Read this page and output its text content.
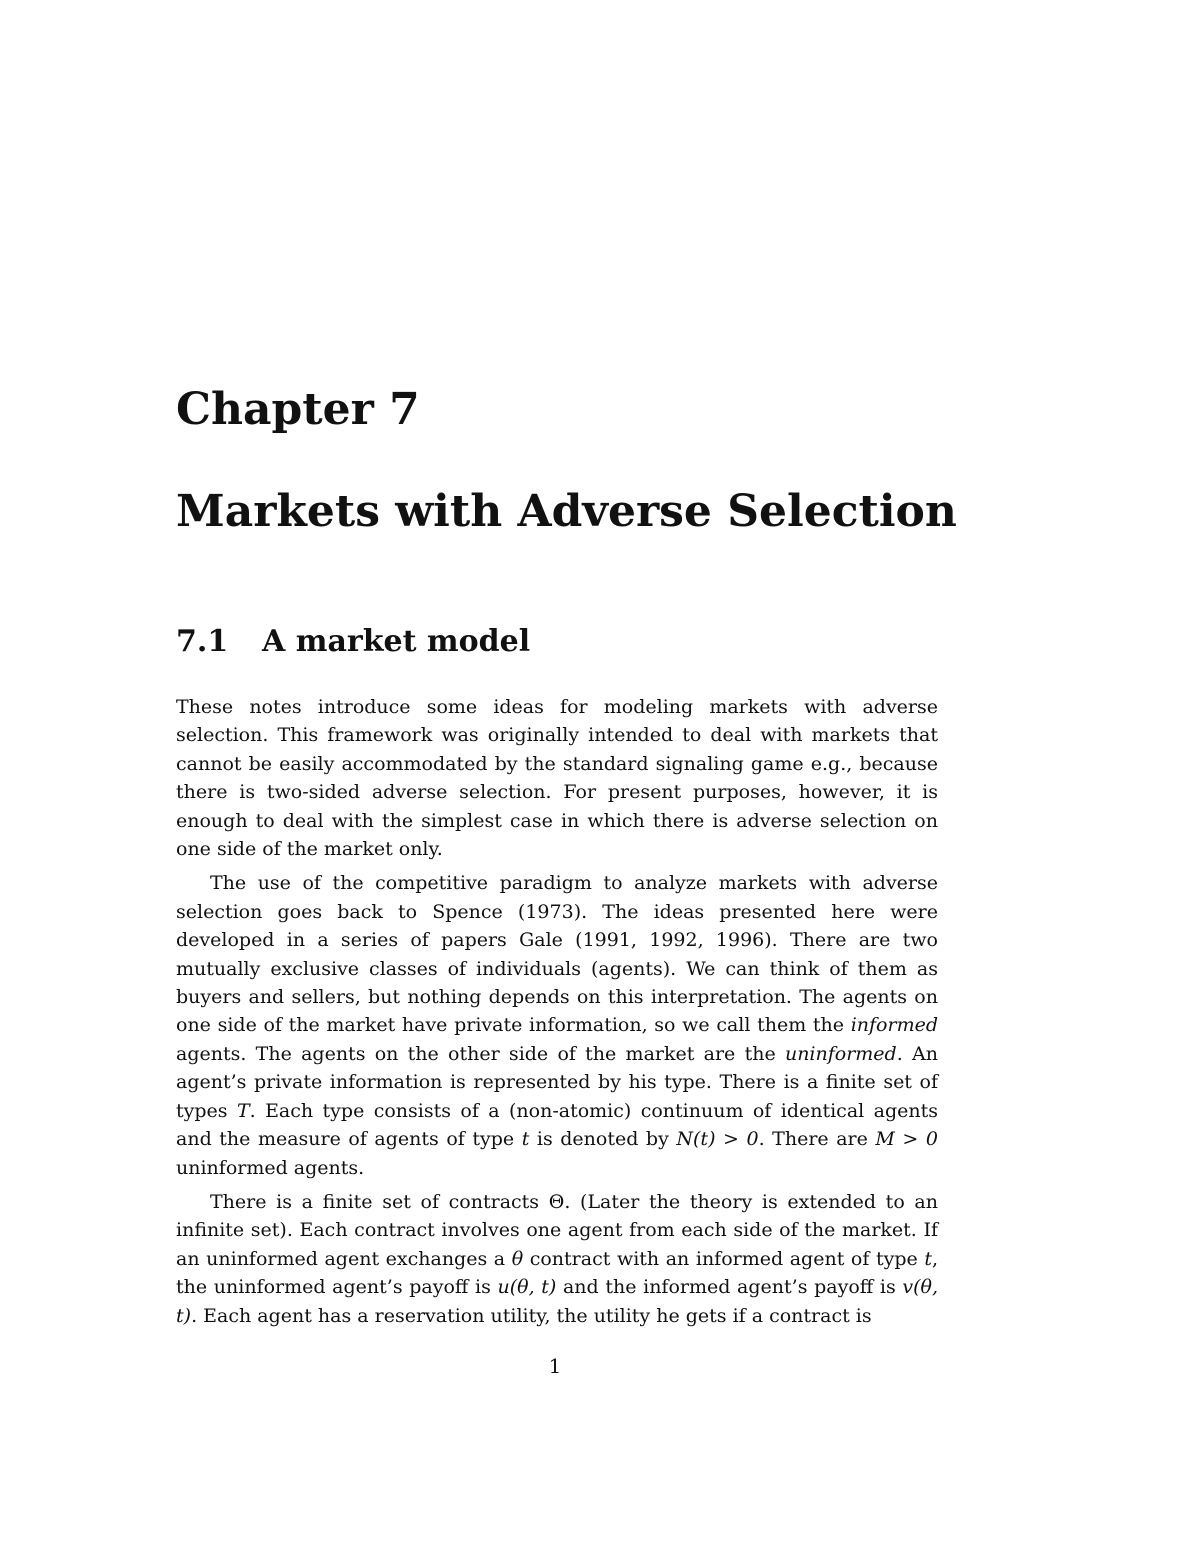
Chapter 7
Markets with Adverse Selection
7.1 A market model

These notes introduce some ideas for modeling markets with adverse selection. This framework was originally intended to deal with markets that cannot be easily accommodated by the standard signaling game e.g., because there is two-sided adverse selection. For present purposes, however, it is enough to deal with the simplest case in which there is adverse selection on one side of the market only.

The use of the competitive paradigm to analyze markets with adverse selection goes back to Spence (1973). The ideas presented here were developed in a series of papers Gale (1991, 1992, 1996). There are two mutually exclusive classes of individuals (agents). We can think of them as buyers and sellers, but nothing depends on this interpretation. The agents on one side of the market have private information, so we call them the informed agents. The agents on the other side of the market are the uninformed. An agent’s private information is represented by his type. There is a finite set of types T. Each type consists of a (non-atomic) continuum of identical agents and the measure of agents of type t is denoted by N(t) > 0. There are M > 0 uninformed agents.

There is a finite set of contracts Θ. (Later the theory is extended to an infinite set). Each contract involves one agent from each side of the market. If an uninformed agent exchanges a θ contract with an informed agent of type t, the uninformed agent’s payoff is u(θ, t) and the informed agent’s payoff is v(θ, t). Each agent has a reservation utility, the utility he gets if a contract is

1
